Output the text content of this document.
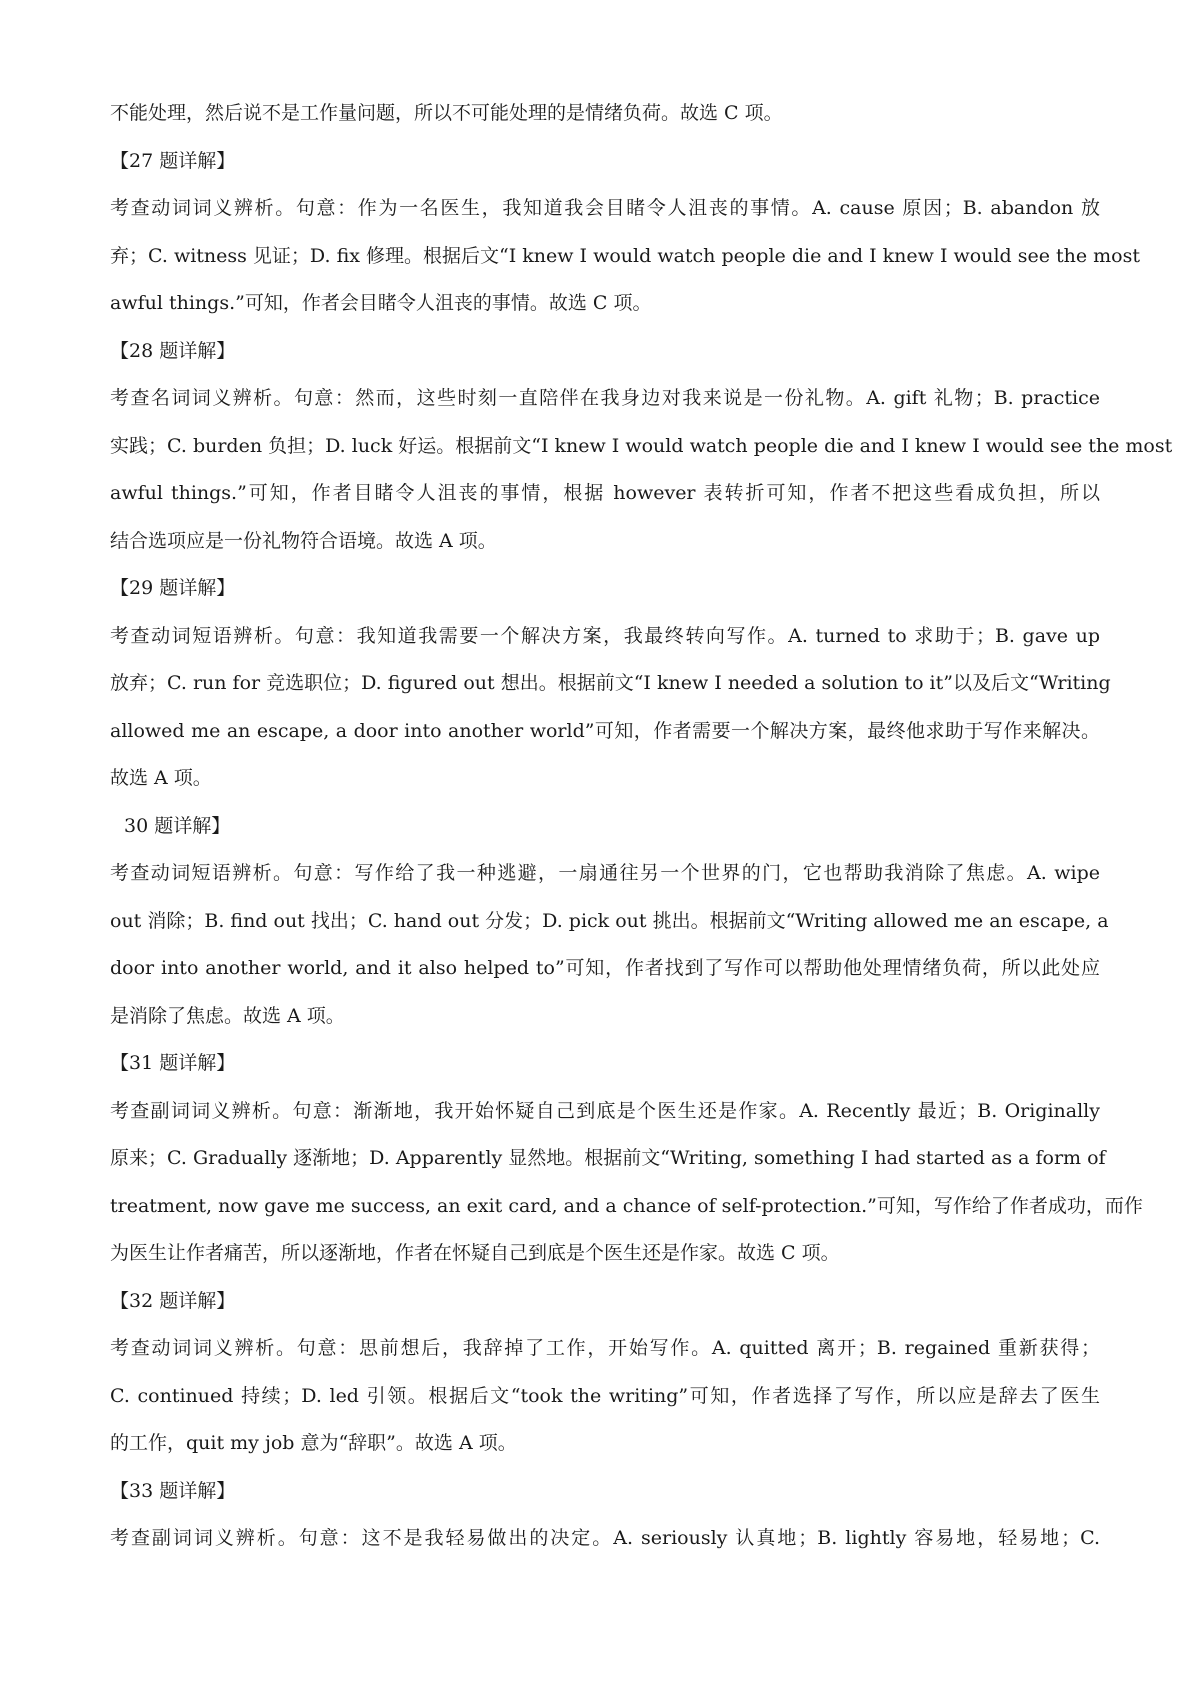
不能处理，然后说不是工作量问题，所以不可能处理的是情绪负荷。故选 C 项。
【27 题详解】
考查动词词义辨析。句意：作为一名医生，我知道我会目睹令人沮丧的事情。A. cause 原因；B. abandon 放
弃；C. witness 见证；D. fix 修理。根据后文“I knew I would watch people die and I knew I would see the most
awful things.”可知，作者会目睹令人沮丧的事情。故选 C 项。
【28 题详解】
考查名词词义辨析。句意：然而，这些时刻一直陪伴在我身边对我来说是一份礼物。A. gift 礼物；B. practice
实践；C. burden 负担；D. luck 好运。根据前文“I knew I would watch people die and I knew I would see the most
awful things.”可知，作者目睹令人沮丧的事情，根据 however 表转折可知，作者不把这些看成负担，所以
结合选项应是一份礼物符合语境。故选 A 项。
【29 题详解】
考查动词短语辨析。句意：我知道我需要一个解决方案，我最终转向写作。A. turned to 求助于；B. gave up
放弃；C. run for 竞选职位；D. figured out 想出。根据前文“I knew I needed a solution to it”以及后文“Writing
allowed me an escape, a door into another world”可知，作者需要一个解决方案，最终他求助于写作来解决。
故选 A 项。
30 题详解】
考查动词短语辨析。句意：写作给了我一种逃避，一扇通往另一个世界的门，它也帮助我消除了焦虑。A. wipe
out 消除；B. find out 找出；C. hand out 分发；D. pick out 挑出。根据前文“Writing allowed me an escape, a
door into another world, and it also helped to”可知，作者找到了写作可以帮助他处理情绪负荷，所以此处应
是消除了焦虑。故选 A 项。
【31 题详解】
考查副词词义辨析。句意：渐渐地，我开始怀疑自己到底是个医生还是作家。A. Recently 最近；B. Originally
原来；C. Gradually 逐渐地；D. Apparently 显然地。根据前文“Writing, something I had started as a form of
treatment, now gave me success, an exit card, and a chance of self-protection.”可知，写作给了作者成功，而作
为医生让作者痛苦，所以逐渐地，作者在怀疑自己到底是个医生还是作家。故选 C 项。
【32 题详解】
考查动词词义辨析。句意：思前想后，我辞掉了工作，开始写作。A. quitted 离开；B. regained 重新获得；
C. continued 持续；D. led 引领。根据后文“took the writing”可知，作者选择了写作，所以应是辞去了医生
的工作，quit my job 意为“辞职”。故选 A 项。
【33 题详解】
考查副词词义辨析。句意：这不是我轻易做出的决定。A. seriously 认真地；B. lightly 容易地，轻易地；C.
